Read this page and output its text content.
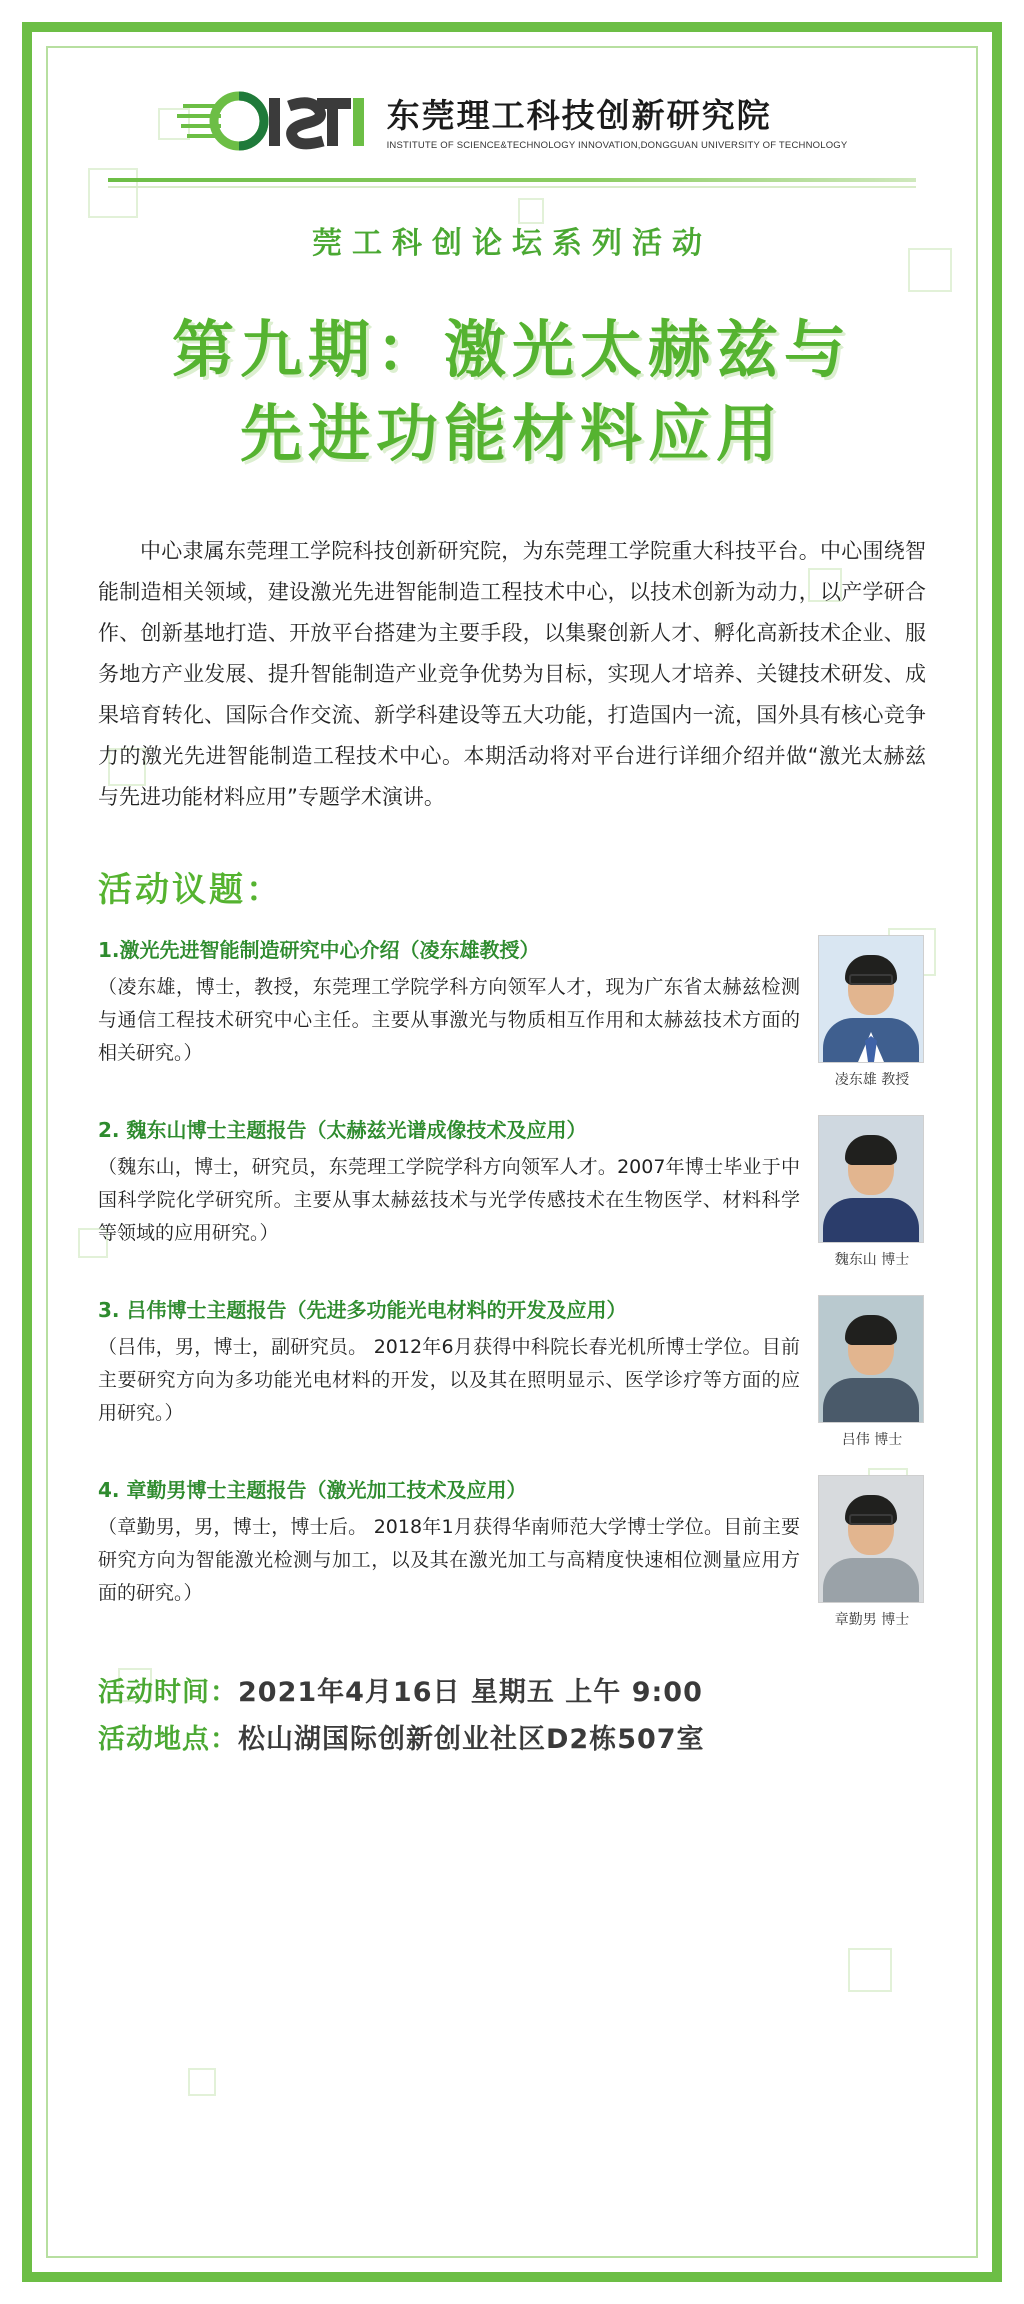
东莞理工科技创新研究院
INSTITUTE OF SCIENCE&TECHNOLOGY INNOVATION,DONGGUAN UNIVERSITY OF TECHNOLOGY
莞工科创论坛系列活动
第九期：激光太赫兹与
先进功能材料应用
中心隶属东莞理工学院科技创新研究院，为东莞理工学院重大科技平台。中心围绕智能制造相关领域，建设激光先进智能制造工程技术中心，以技术创新为动力，以产学研合作、创新基地打造、开放平台搭建为主要手段，以集聚创新人才、孵化高新技术企业、服务地方产业发展、提升智能制造产业竞争优势为目标，实现人才培养、关键技术研发、成果培育转化、国际合作交流、新学科建设等五大功能，打造国内一流，国外具有核心竞争力的激光先进智能制造工程技术中心。本期活动将对平台进行详细介绍并做“激光太赫兹与先进功能材料应用”专题学术演讲。
活动议题：
1.激光先进智能制造研究中心介绍（凌东雄教授）
（凌东雄，博士，教授，东莞理工学院学科方向领军人才，现为广东省太赫兹检测与通信工程技术研究中心主任。主要从事激光与物质相互作用和太赫兹技术方面的相关研究。）
凌东雄 教授
2. 魏东山博士主题报告（太赫兹光谱成像技术及应用）
（魏东山，博士，研究员，东莞理工学院学科方向领军人才。2007年博士毕业于中国科学院化学研究所。主要从事太赫兹技术与光学传感技术在生物医学、材料科学等领域的应用研究。）
魏东山 博士
3. 吕伟博士主题报告（先进多功能光电材料的开发及应用）
（吕伟，男，博士，副研究员。 2012年6月获得中科院长春光机所博士学位。目前主要研究方向为多功能光电材料的开发，以及其在照明显示、医学诊疗等方面的应用研究。）
吕伟 博士
4. 章勤男博士主题报告（激光加工技术及应用）
（章勤男，男，博士，博士后。 2018年1月获得华南师范大学博士学位。目前主要研究方向为智能激光检测与加工，以及其在激光加工与高精度快速相位测量应用方面的研究。）
章勤男 博士
活动时间：2021年4月16日 星期五 上午 9:00
活动地点：松山湖国际创新创业社区D2栋507室
